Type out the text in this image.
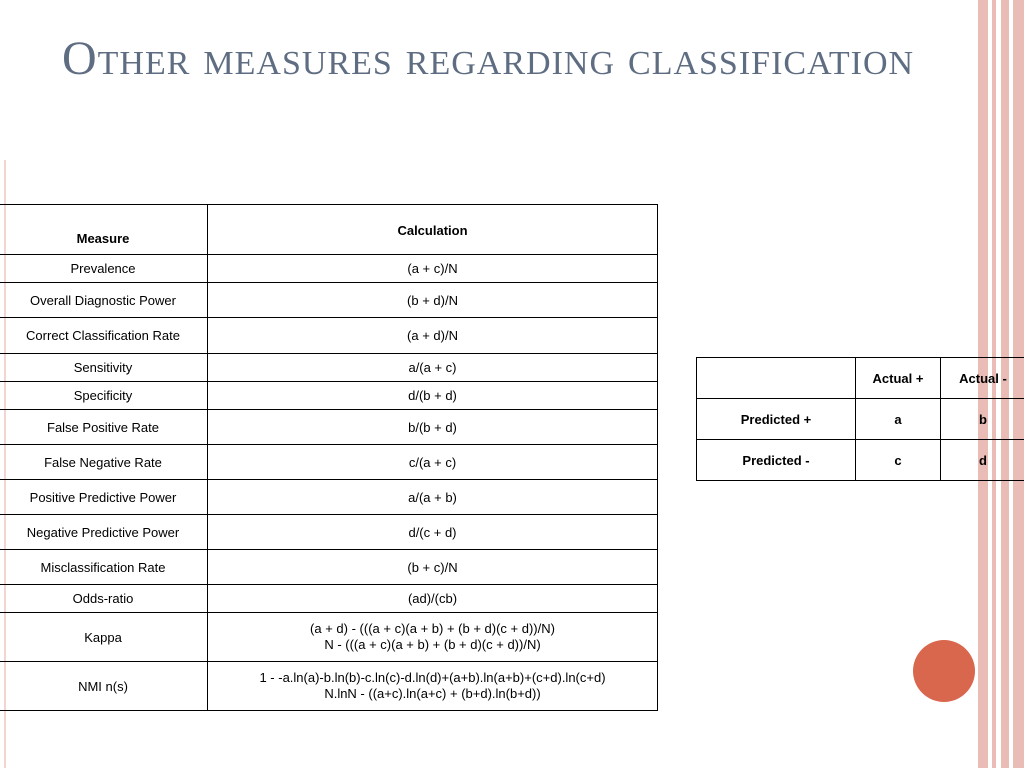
Other measures regarding classification
Measure	Calculation
Prevalence	(a + c)/N
Overall Diagnostic Power	(b + d)/N
Correct Classification Rate	(a + d)/N
Sensitivity	a/(a + c)
Specificity	d/(b + d)
False Positive Rate	b/(b + d)
False Negative Rate	c/(a + c)
Positive Predictive Power	a/(a + b)
Negative Predictive Power	d/(c + d)
Misclassification Rate	(b + c)/N
Odds-ratio	(ad)/(cb)
Kappa	(a + d) - (((a + c)(a + b) + (b + d)(c + d))/N)
N - (((a + c)(a + b) + (b + d)(c + d))/N)

NMI n(s)	1 - -a.ln(a)-b.ln(b)-c.ln(c)-d.ln(d)+(a+b).ln(a+b)+(c+d).ln(c+d)
N.lnN - ((a+c).ln(a+c) + (b+d).ln(b+d))
	Actual +	Actual -
Predicted +	a	b
Predicted -	c	d
